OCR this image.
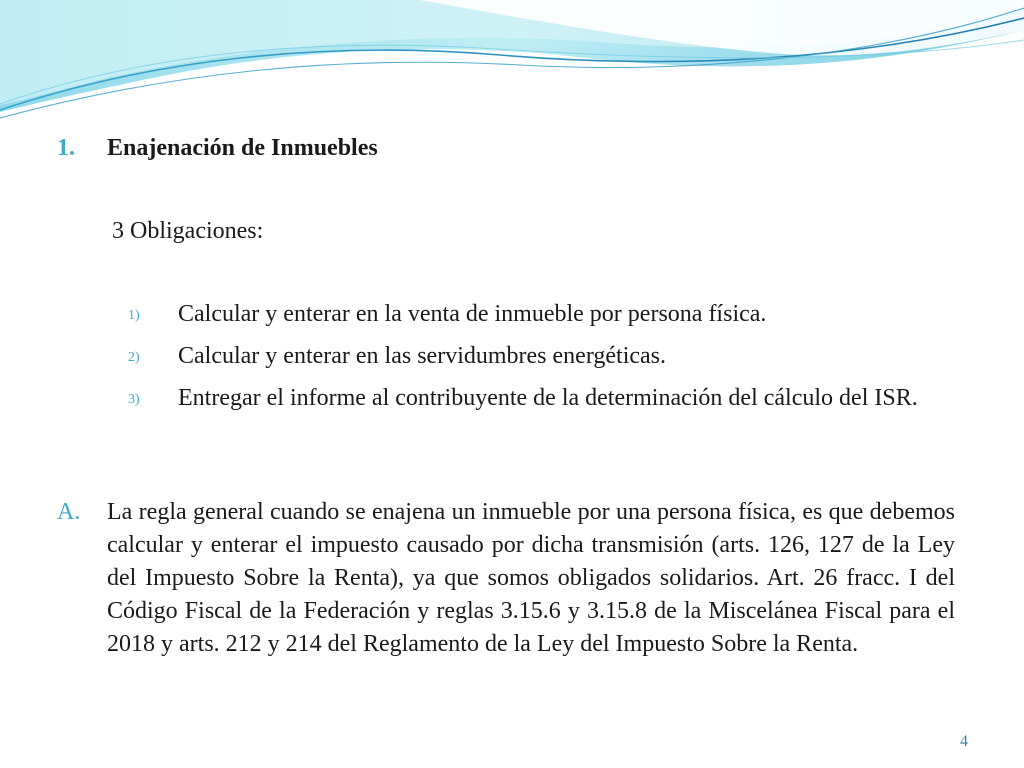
1. Enajenación de Inmuebles

3 Obligaciones:

1) Calcular y enterar en la venta de inmueble por persona física.
2) Calcular y enterar en las servidumbres energéticas.
3) Entregar el informe al contribuyente de la determinación del cálculo del ISR.
A. La regla general cuando se enajena un inmueble por una persona física, es que debemos calcular y enterar el impuesto causado por dicha transmisión (arts. 126, 127 de la Ley del Impuesto Sobre la Renta), ya que somos obligados solidarios. Art. 26 fracc. I del Código Fiscal de la Federación y reglas 3.15.6 y 3.15.8 de la Miscelánea Fiscal para el 2018 y arts. 212 y 214 del Reglamento de la Ley del Impuesto Sobre la Renta.
4
